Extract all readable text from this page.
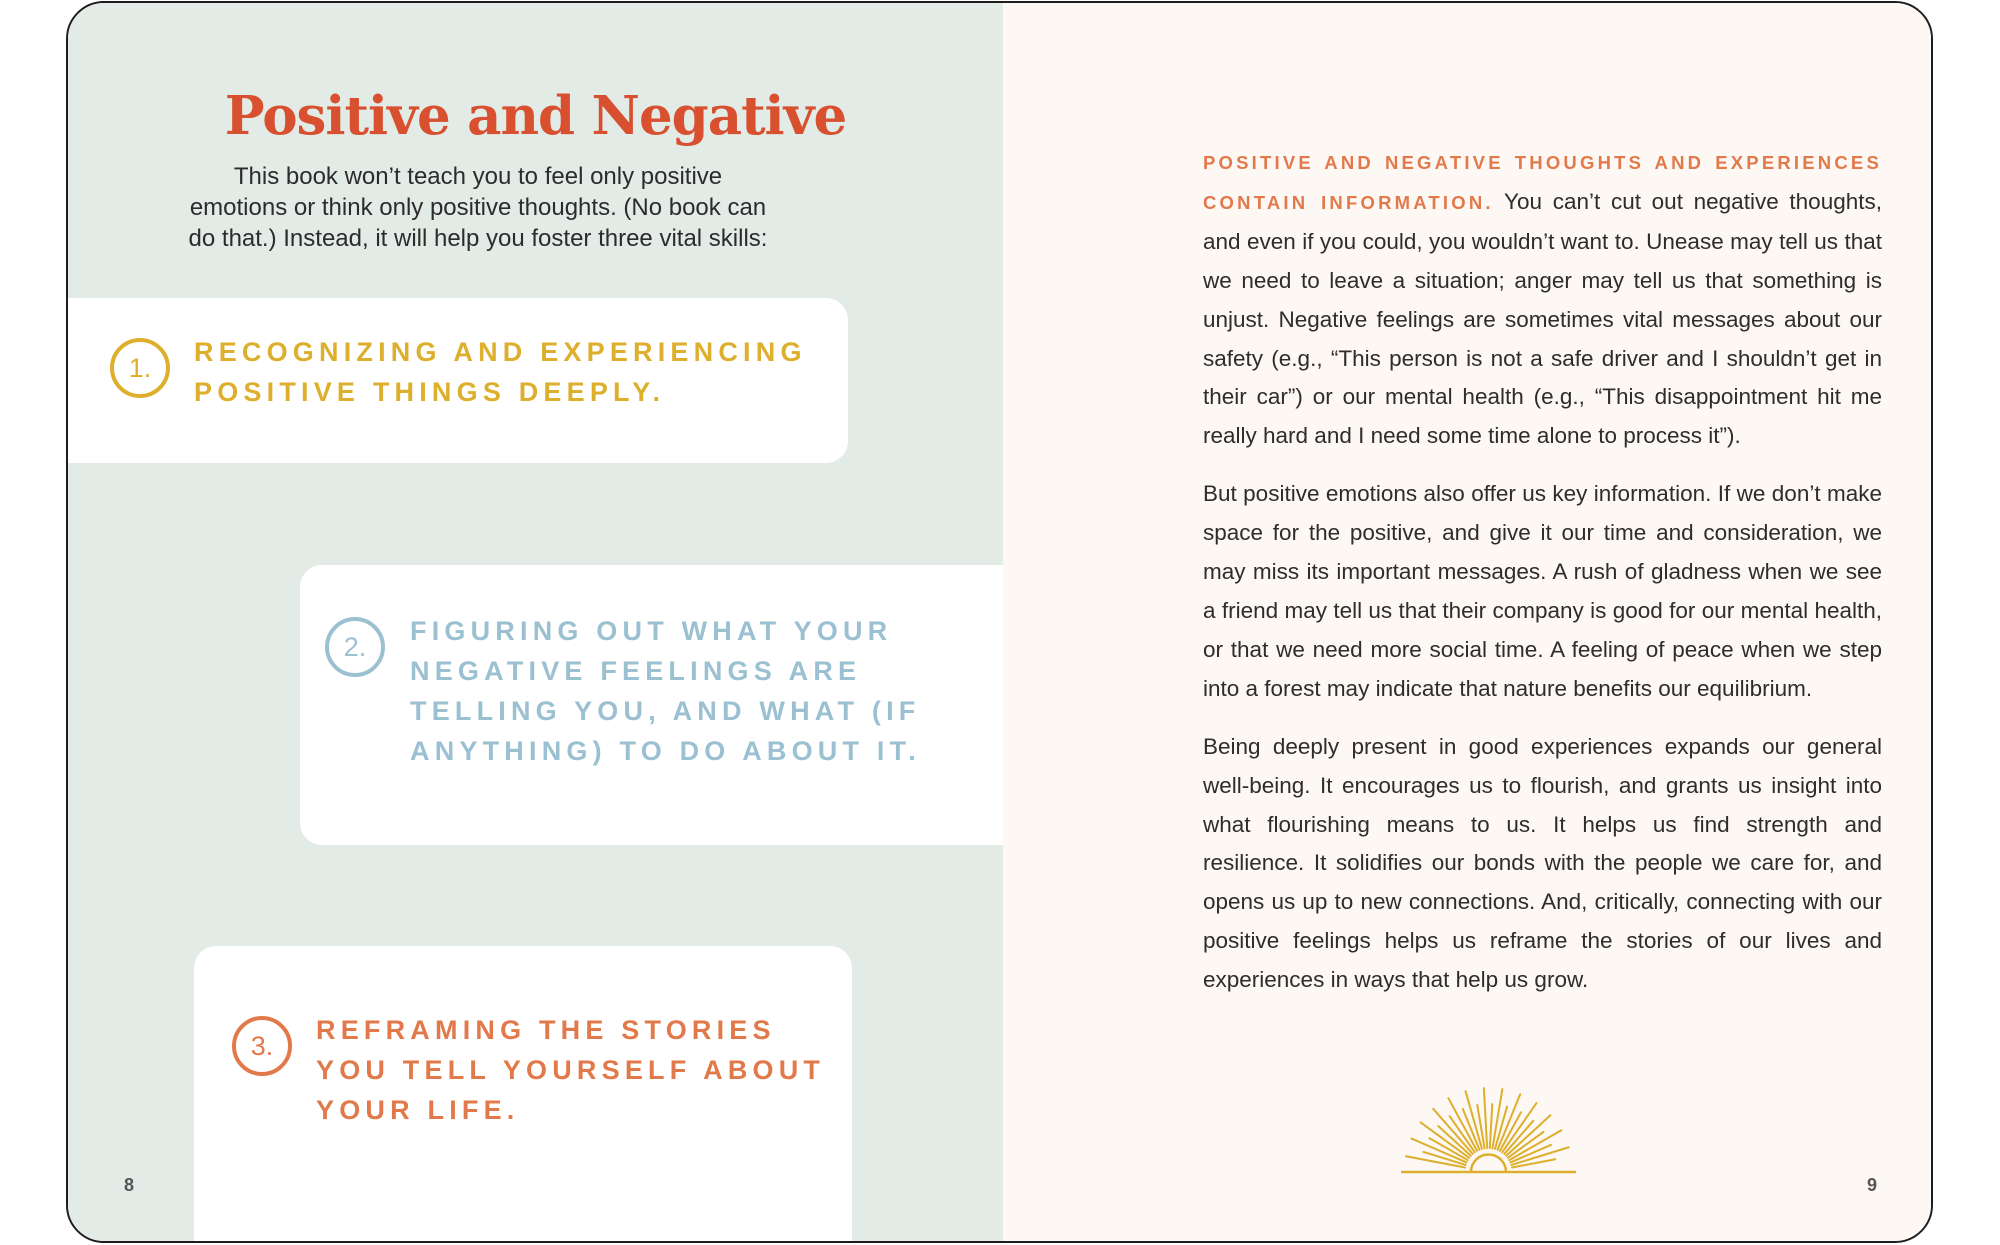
Positive and Negative

This book won’t teach you to feel only positive emotions or think only positive thoughts. (No book can do that.) Instead, it will help you foster three vital skills:

1.

RECOGNIZING AND EXPERIENCING POSITIVE THINGS DEEPLY.

2.

FIGURING OUT WHAT YOUR NEGATIVE FEELINGS ARE TELLING YOU, AND WHAT (IF ANYTHING) TO DO ABOUT IT.

3.

REFRAMING THE STORIES YOU TELL YOURSELF ABOUT YOUR LIFE.

8

POSITIVE AND NEGATIVE THOUGHTS AND EXPERIENCES CONTAIN INFORMATION. You can’t cut out negative thoughts, and even if you could, you wouldn’t want to. Unease may tell us that we need to leave a situation; anger may tell us that something is unjust. Negative feelings are sometimes vital messages about our safety (e.g., “This person is not a safe driver and I shouldn’t get in their car”) or our mental health (e.g., “This disappointment hit me really hard and I need some time alone to process it”).

But positive emotions also offer us key information. If we don’t make space for the positive, and give it our time and consideration, we may miss its important messages. A rush of gladness when we see a friend may tell us that their company is good for our mental health, or that we need more social time. A feeling of peace when we step into a forest may indicate that nature benefits our equilibrium.

Being deeply present in good experiences expands our general well-being. It encourages us to flourish, and grants us insight into what flourishing means to us. It helps us find strength and resilience. It solidifies our bonds with the people we care for, and opens us up to new connections. And, critically, connecting with our positive feelings helps us reframe the stories of our lives and experiences in ways that help us grow.

9
